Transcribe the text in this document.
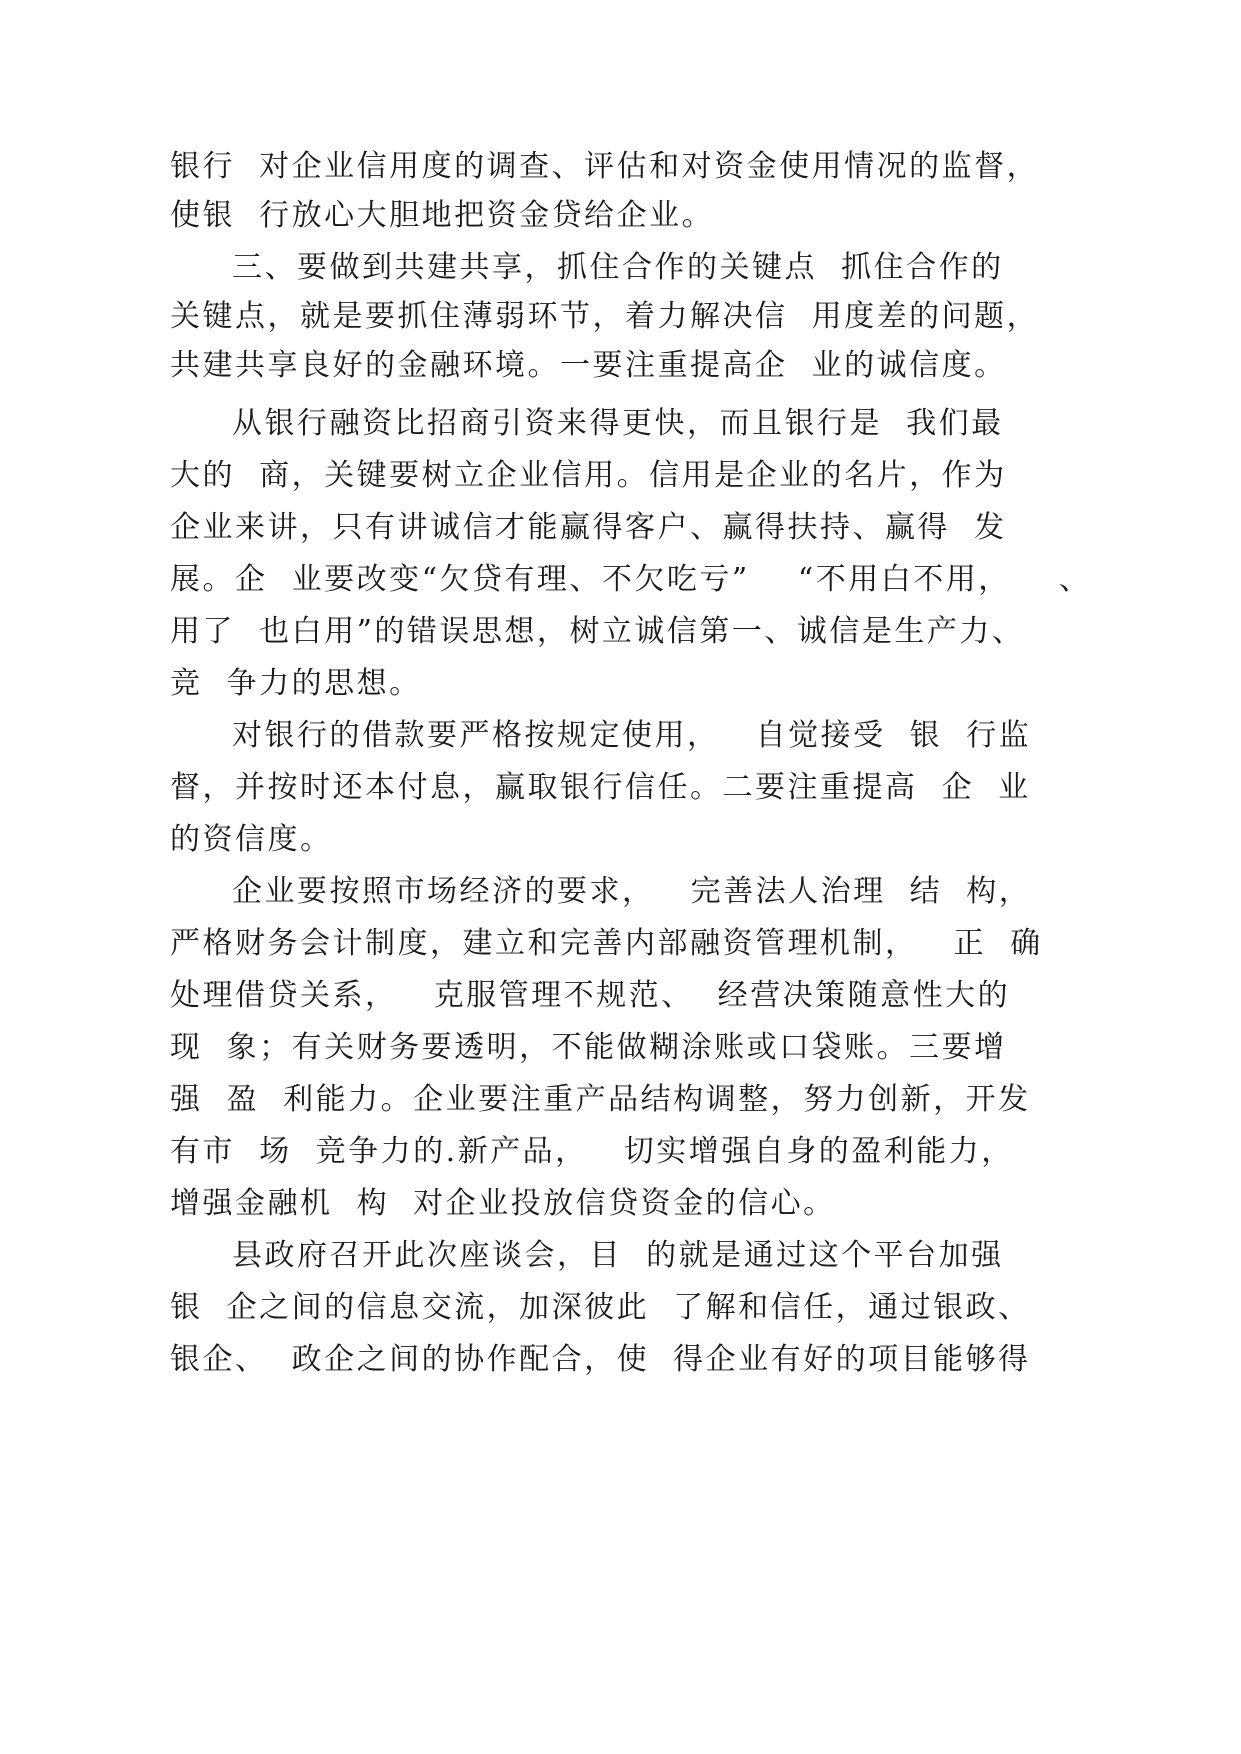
银行  对企业信用度的调查、评估和对资金使用情况的监督，
使银  行放心大胆地把资金贷给企业。
三、要做到共建共享，抓住合作的关键点  抓住合作的
关键点，就是要抓住薄弱环节，着力解决信  用度差的问题，
共建共享良好的金融环境。一要注重提高企  业的诚信度。
从银行融资比招商引资来得更快，而且银行是  我们最
大的  商，关键要树立企业信用。信用是企业的名片，作为
企业来讲，只有讲诚信才能赢得客户、赢得扶持、赢得  发
展。企  业要改变“欠贷有理、不欠吃亏”    “不用白不用，    、
用了  也白用”的错误思想，树立诚信第一、诚信是生产力、
竞  争力的思想。
对银行的借款要严格按规定使用，   自觉接受  银  行监
督，并按时还本付息，赢取银行信任。二要注重提高  企  业
的资信度。
企业要按照市场经济的要求，   完善法人治理  结  构，
严格财务会计制度，建立和完善内部融资管理机制，   正  确
处理借贷关系，   克服管理不规范、  经营决策随意性大的
现  象；有关财务要透明，不能做糊涂账或口袋账。三要增
强  盈  利能力。企业要注重产品结构调整，努力创新，开发
有市  场  竞争力的.新产品，   切实增强自身的盈利能力，
增强金融机  构  对企业投放信贷资金的信心。
县政府召开此次座谈会，目  的就是通过这个平台加强
银  企之间的信息交流，加深彼此  了解和信任，通过银政、
银企、  政企之间的协作配合，使  得企业有好的项目能够得
